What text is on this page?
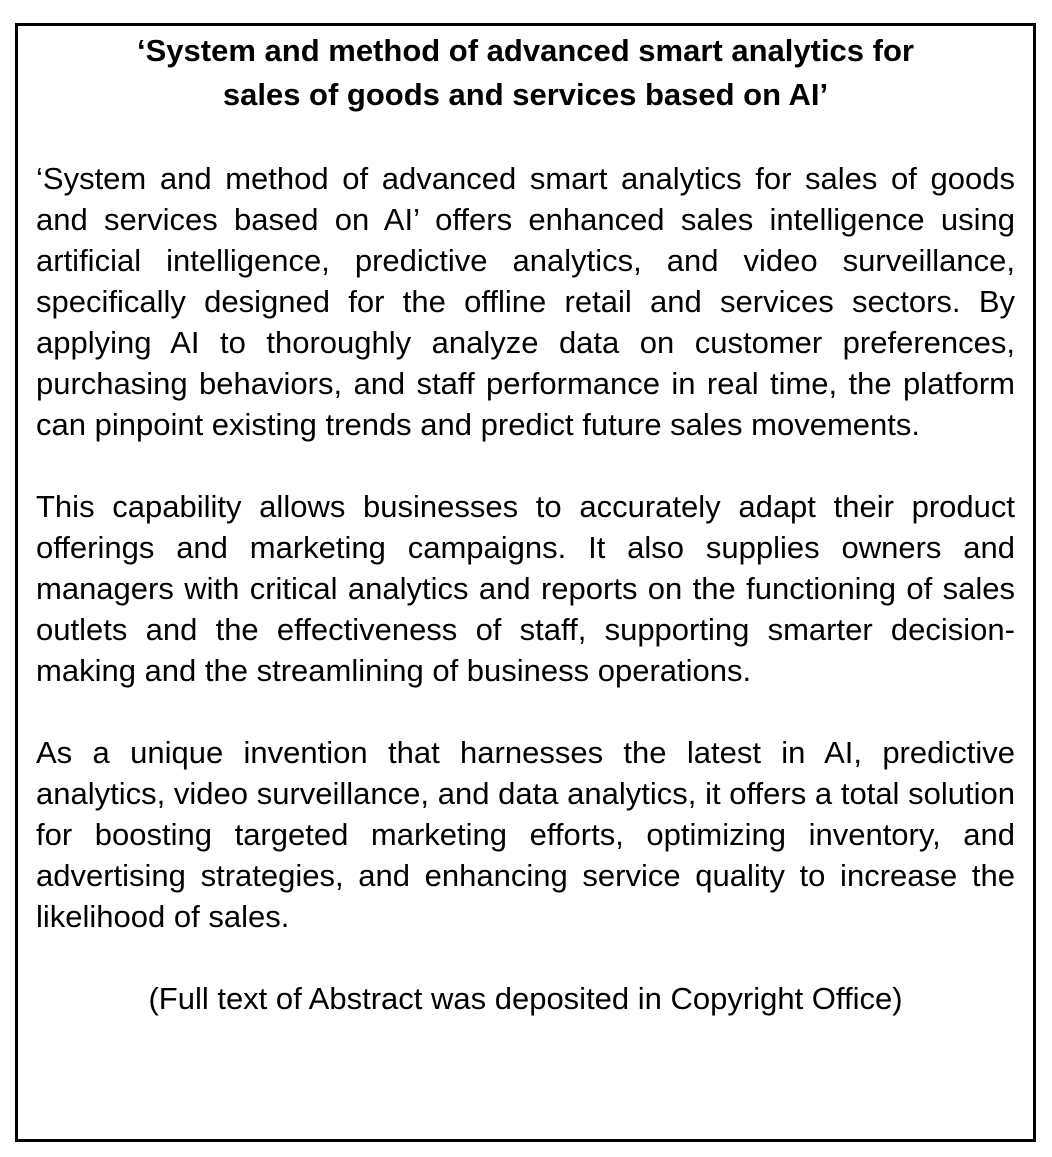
‘System and method of advanced smart analytics for
sales of goods and services based on AI’

‘System and method of advanced smart analytics for sales of goods and services based on AI’ offers enhanced sales intelligence using artificial intelligence, predictive analytics, and video surveillance, specifically designed for the offline retail and services sectors. By applying AI to thoroughly analyze data on customer preferences, purchasing behaviors, and staff performance in real time, the platform can pinpoint existing trends and predict future sales movements.

This capability allows businesses to accurately adapt their product offerings and marketing campaigns. It also supplies owners and managers with critical analytics and reports on the functioning of sales outlets and the effectiveness of staff, supporting smarter decision-making and the streamlining of business operations.

As a unique invention that harnesses the latest in AI, predictive analytics, video surveillance, and data analytics, it offers a total solution for boosting targeted marketing efforts, optimizing inventory, and advertising strategies, and enhancing service quality to increase the likelihood of sales.

(Full text of Abstract was deposited in Copyright Office)
